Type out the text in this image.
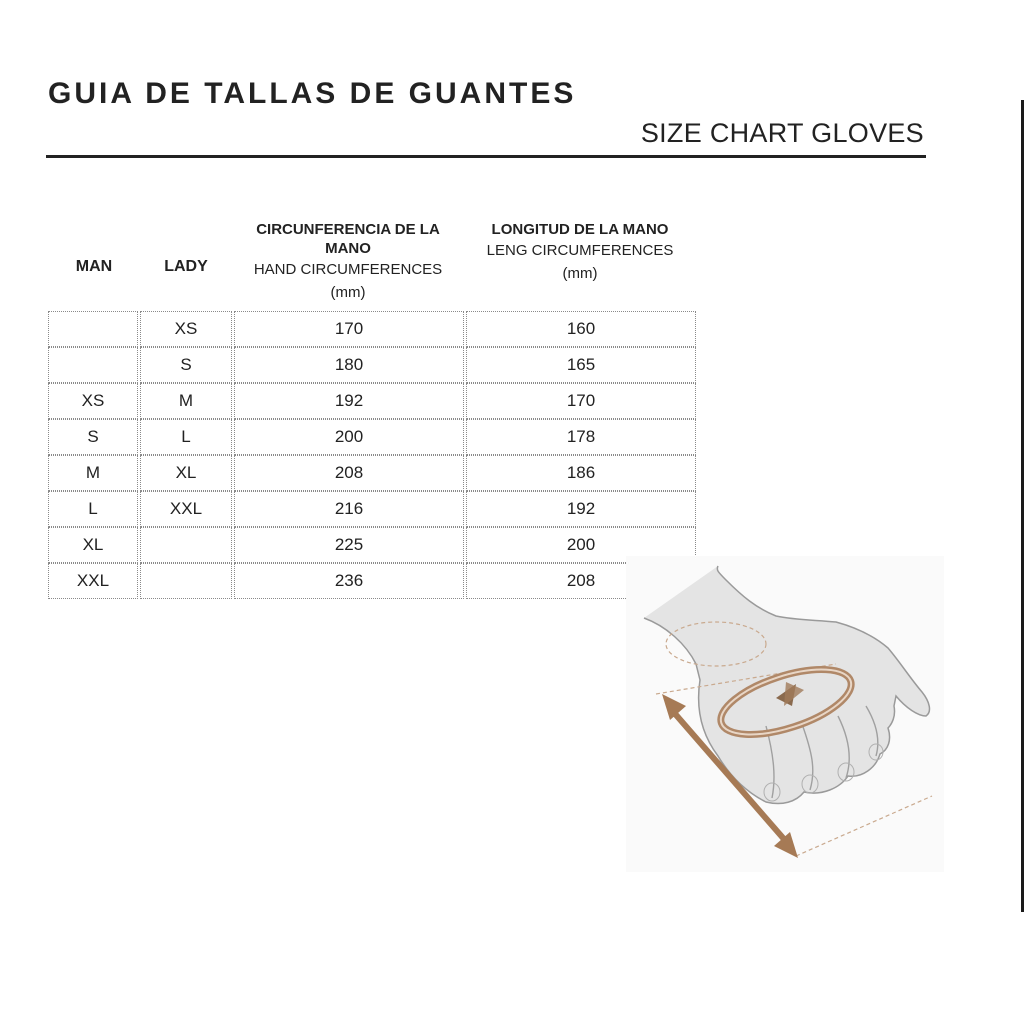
GUIA DE TALLAS DE GUANTES
SIZE CHART GLOVES
MAN	LADY
CIRCUNFERENCIA DE LA MANO
HAND CIRCUMFERENCES
(mm)
LONGITUD DE LA MANO
LENG CIRCUMFERENCES
(mm)
	XS	170	160
	S	180	165
XS	M	192	170
S	L	200	178
M	XL	208	186
L	XXL	216	192
XL		225	200
XXL		236	208
